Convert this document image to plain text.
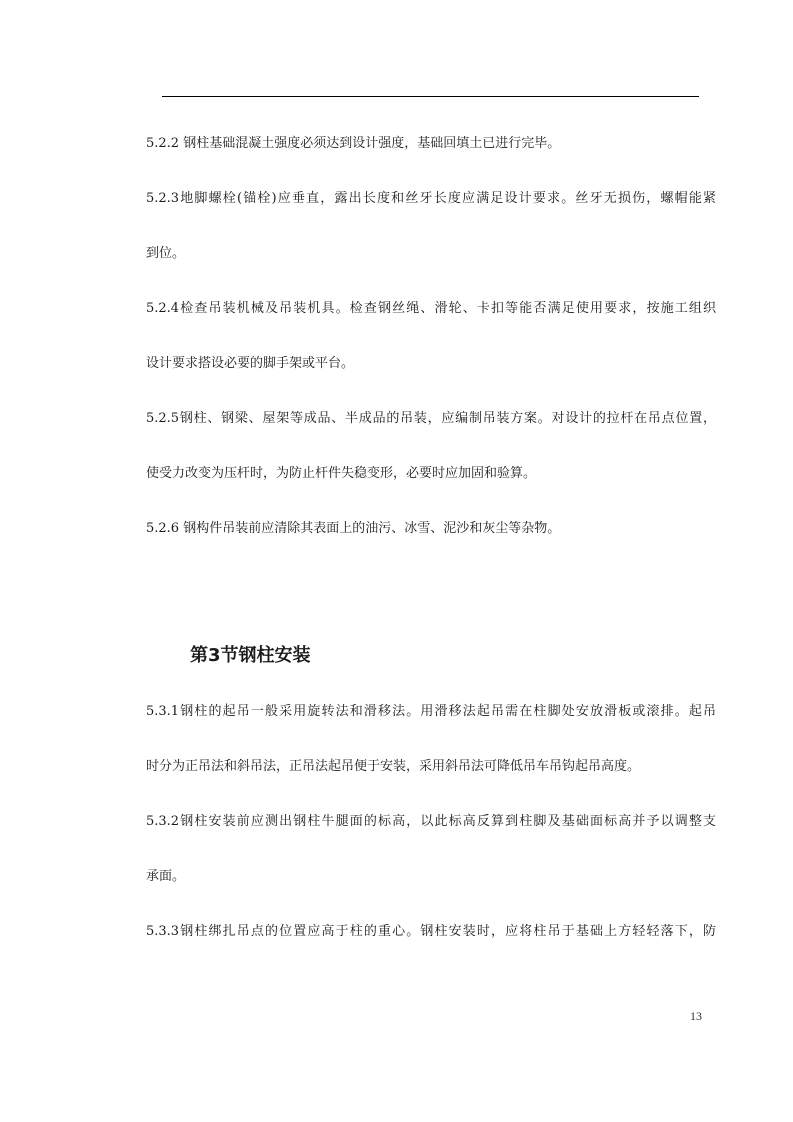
5.2.2 钢柱基础混凝土强度必须达到设计强度，基础回填土已进行完毕。
5.2.3地脚螺栓(锚栓)应垂直，露出长度和丝牙长度应满足设计要求。丝牙无损伤，螺帽能紧
到位。
5.2.4检查吊装机械及吊装机具。检查钢丝绳、滑轮、卡扣等能否满足使用要求，按施工组织
设计要求搭设必要的脚手架或平台。
5.2.5钢柱、钢梁、屋架等成品、半成品的吊装，应编制吊装方案。对设计的拉杆在吊点位置，
使受力改变为压杆时，为防止杆件失稳变形，必要时应加固和验算。
5.2.6 钢构件吊装前应清除其表面上的油污、冰雪、泥沙和灰尘等杂物。
第3节钢柱安装
5.3.1钢柱的起吊一般采用旋转法和滑移法。用滑移法起吊需在柱脚处安放滑板或滚排。起吊
时分为正吊法和斜吊法，正吊法起吊便于安装，采用斜吊法可降低吊车吊钩起吊高度。
5.3.2钢柱安装前应测出钢柱牛腿面的标高，以此标高反算到柱脚及基础面标高并予以调整支
承面。
5.3.3钢柱绑扎吊点的位置应高于柱的重心。钢柱安装时，应将柱吊于基础上方轻轻落下，防
13
